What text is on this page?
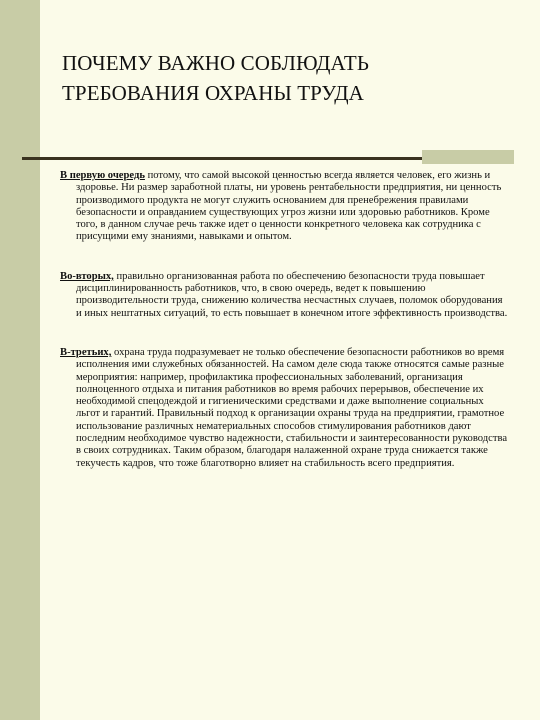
ПОЧЕМУ ВАЖНО СОБЛЮДАТЬ ТРЕБОВАНИЯ ОХРАНЫ ТРУДА

В первую очередь потому, что самой высокой ценностью всегда является человек, его жизнь и здоровье. Ни размер заработной платы, ни уровень рентабельности предприятия, ни ценность производимого продукта не могут служить основанием для пренебрежения правилами безопасности и оправданием существующих угроз жизни или здоровью работников. Кроме того, в данном случае речь также идет о ценности конкретного человека как сотрудника с присущими ему знаниями, навыками и опытом.

Во-вторых, правильно организованная работа по обеспечению безопасности труда повышает дисциплинированность работников, что, в свою очередь, ведет к повышению производительности труда, снижению количества несчастных случаев, поломок оборудования и иных нештатных ситуаций, то есть повышает в конечном итоге эффективность производства.

В-третьих, охрана труда подразумевает не только обеспечение безопасности работников во время исполнения ими служебных обязанностей. На самом деле сюда также относятся самые разные мероприятия: например, профилактика профессиональных заболеваний, организация полноценного отдыха и питания работников во время рабочих перерывов, обеспечение их необходимой спецодеждой и гигиеническими средствами и даже выполнение социальных льгот и гарантий. Правильный подход к организации охраны труда на предприятии, грамотное использование различных нематериальных способов стимулирования работников дают последним необходимое чувство надежности, стабильности и заинтересованности руководства в своих сотрудниках. Таким образом, благодаря налаженной охране труда снижается также текучесть кадров, что тоже благотворно влияет на стабильность всего предприятия.
